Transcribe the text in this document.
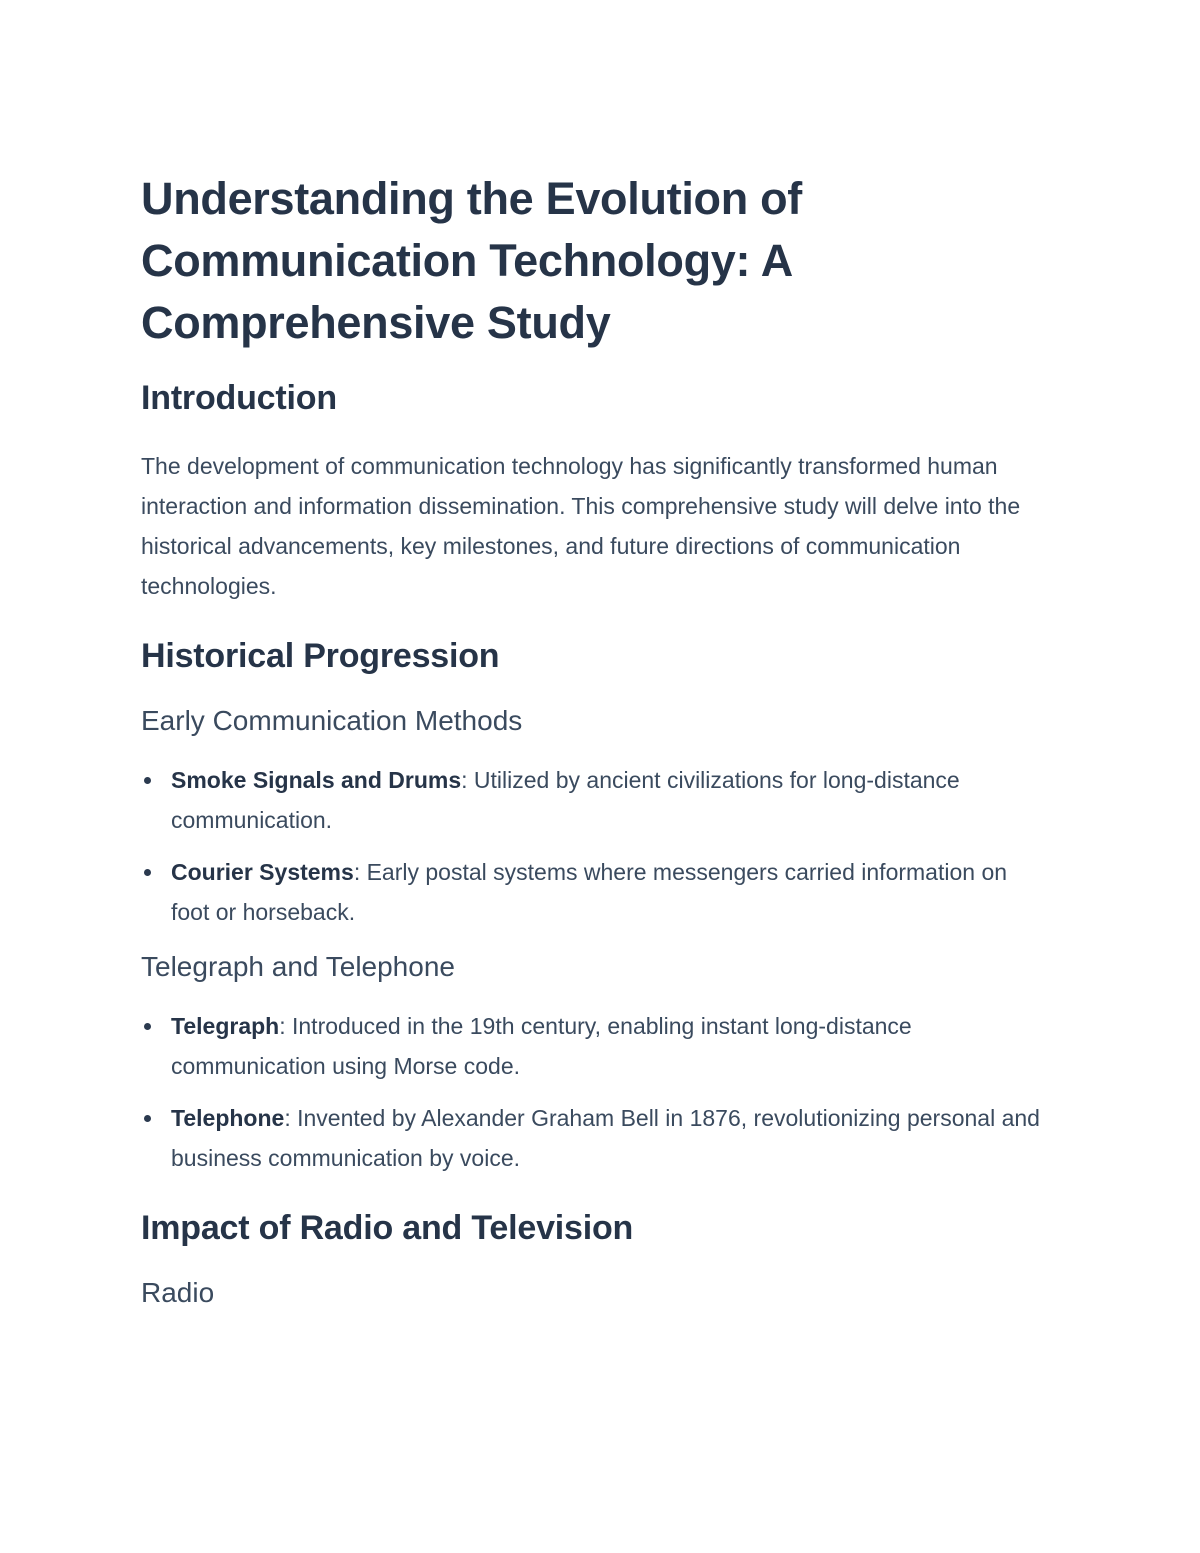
Understanding the Evolution of Communication Technology: A Comprehensive Study
Introduction

The development of communication technology has significantly transformed human interaction and information dissemination. This comprehensive study will delve into the historical advancements, key milestones, and future directions of communication technologies.

Historical Progression
Early Communication Methods
Smoke Signals and Drums: Utilized by ancient civilizations for long-distance communication.
Courier Systems: Early postal systems where messengers carried information on foot or horseback.
Telegraph and Telephone
Telegraph: Introduced in the 19th century, enabling instant long-distance communication using Morse code.
Telephone: Invented by Alexander Graham Bell in 1876, revolutionizing personal and business communication by voice.
Impact of Radio and Television
Radio
